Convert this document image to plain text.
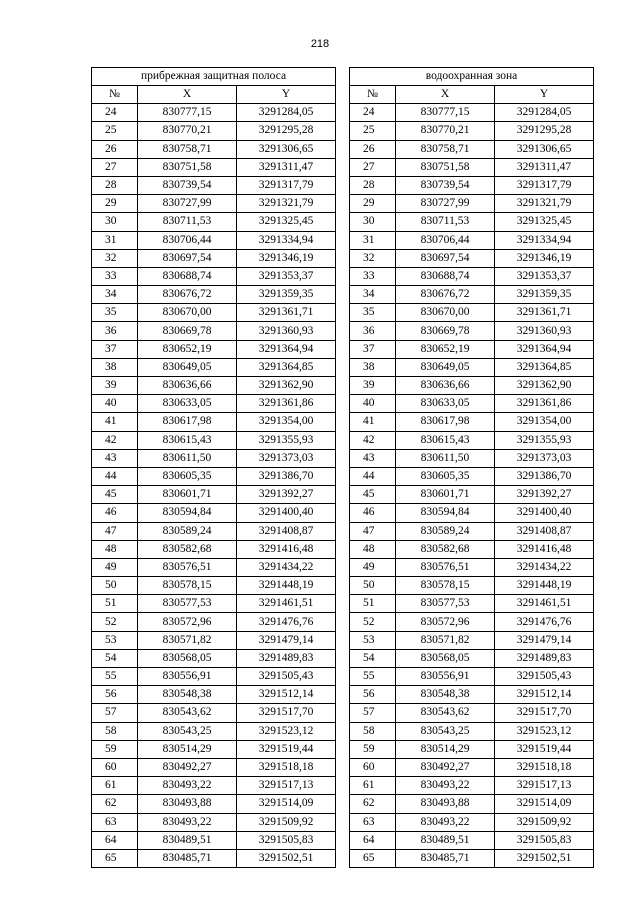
218
прибрежная защитная полоса				водоохранная зона		
№	X	Y		№	X	Y
24	830777,15	3291284,05		24	830777,15	3291284,05
25	830770,21	3291295,28		25	830770,21	3291295,28
26	830758,71	3291306,65		26	830758,71	3291306,65
27	830751,58	3291311,47		27	830751,58	3291311,47
28	830739,54	3291317,79		28	830739,54	3291317,79
29	830727,99	3291321,79		29	830727,99	3291321,79
30	830711,53	3291325,45		30	830711,53	3291325,45
31	830706,44	3291334,94		31	830706,44	3291334,94
32	830697,54	3291346,19		32	830697,54	3291346,19
33	830688,74	3291353,37		33	830688,74	3291353,37
34	830676,72	3291359,35		34	830676,72	3291359,35
35	830670,00	3291361,71		35	830670,00	3291361,71
36	830669,78	3291360,93		36	830669,78	3291360,93
37	830652,19	3291364,94		37	830652,19	3291364,94
38	830649,05	3291364,85		38	830649,05	3291364,85
39	830636,66	3291362,90		39	830636,66	3291362,90
40	830633,05	3291361,86		40	830633,05	3291361,86
41	830617,98	3291354,00		41	830617,98	3291354,00
42	830615,43	3291355,93		42	830615,43	3291355,93
43	830611,50	3291373,03		43	830611,50	3291373,03
44	830605,35	3291386,70		44	830605,35	3291386,70
45	830601,71	3291392,27		45	830601,71	3291392,27
46	830594,84	3291400,40		46	830594,84	3291400,40
47	830589,24	3291408,87		47	830589,24	3291408,87
48	830582,68	3291416,48		48	830582,68	3291416,48
49	830576,51	3291434,22		49	830576,51	3291434,22
50	830578,15	3291448,19		50	830578,15	3291448,19
51	830577,53	3291461,51		51	830577,53	3291461,51
52	830572,96	3291476,76		52	830572,96	3291476,76
53	830571,82	3291479,14		53	830571,82	3291479,14
54	830568,05	3291489,83		54	830568,05	3291489,83
55	830556,91	3291505,43		55	830556,91	3291505,43
56	830548,38	3291512,14		56	830548,38	3291512,14
57	830543,62	3291517,70		57	830543,62	3291517,70
58	830543,25	3291523,12		58	830543,25	3291523,12
59	830514,29	3291519,44		59	830514,29	3291519,44
60	830492,27	3291518,18		60	830492,27	3291518,18
61	830493,22	3291517,13		61	830493,22	3291517,13
62	830493,88	3291514,09		62	830493,88	3291514,09
63	830493,22	3291509,92		63	830493,22	3291509,92
64	830489,51	3291505,83		64	830489,51	3291505,83
65	830485,71	3291502,51		65	830485,71	3291502,51
